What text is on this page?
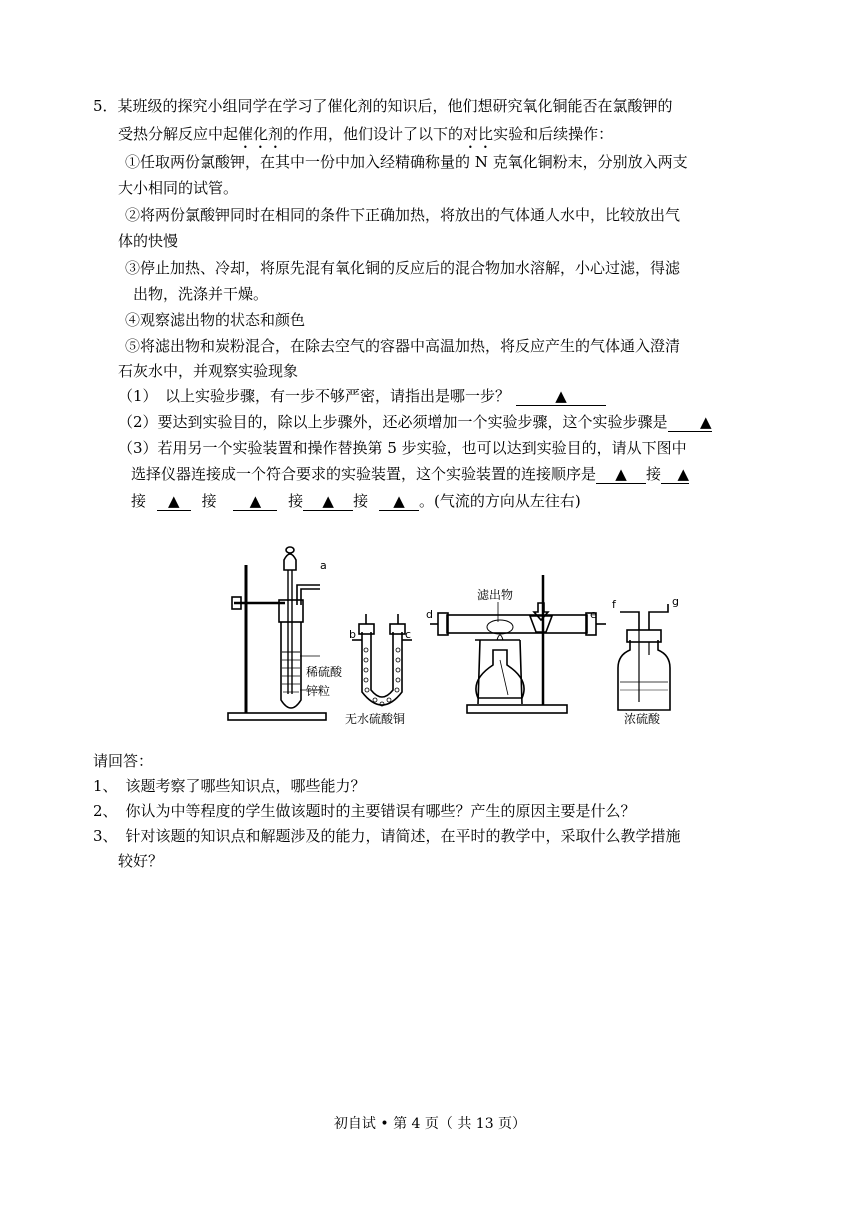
5．某班级的探究小组同学在学习了催化剂的知识后，他们想研究氧化铜能否在氯酸钾的
受热分解反应中起催化剂的作用，他们设计了以下的对比实验和后续操作：
①任取两份氯酸钾，在其中一份中加入经精确称量的 N 克氧化铜粉末，分别放入两支
大小相同的试管。
②将两份氯酸钾同时在相同的条件下正确加热，将放出的气体通人水中，比较放出气
体的快慢
③停止加热、冷却，将原先混有氧化铜的反应后的混合物加水溶解，小心过滤，得滤
出物，洗涤并干燥。
④观察滤出物的状态和颜色
⑤将滤出物和炭粉混合，在除去空气的容器中高温加热，将反应产生的气体通入澄清
石灰水中，并观察实验现象
（1）　以上实验步骤，有一步不够严密，请指出是哪一步？	▲
（2）要达到实验目的，除以上步骤外，还必须增加一个实验步骤，这个实验步骤是 ▲
（3）若用另一个实验装置和操作替换第 5 步实验，也可以达到实验目的，请从下图中
选择仪器连接成一个符合要求的实验装置，这个实验装置的连接顺序是 ▲ 接 ▲
接 ▲ 接 ▲ 接 ▲ 接 ▲ 。(气流的方向从左往右)
a
b	c
d	e
f	g
稀硫酸
锌粒
无水硫酸铜
滤出物
浓硫酸
请回答：
1、 该题考察了哪些知识点，哪些能力？
2、 你认为中等程度的学生做该题时的主要错误有哪些？产生的原因主要是什么？
3、 针对该题的知识点和解题涉及的能力，请简述，在平时的教学中，采取什么教学措施
较好？
初自试 • 第 4 页（ 共 13 页）
